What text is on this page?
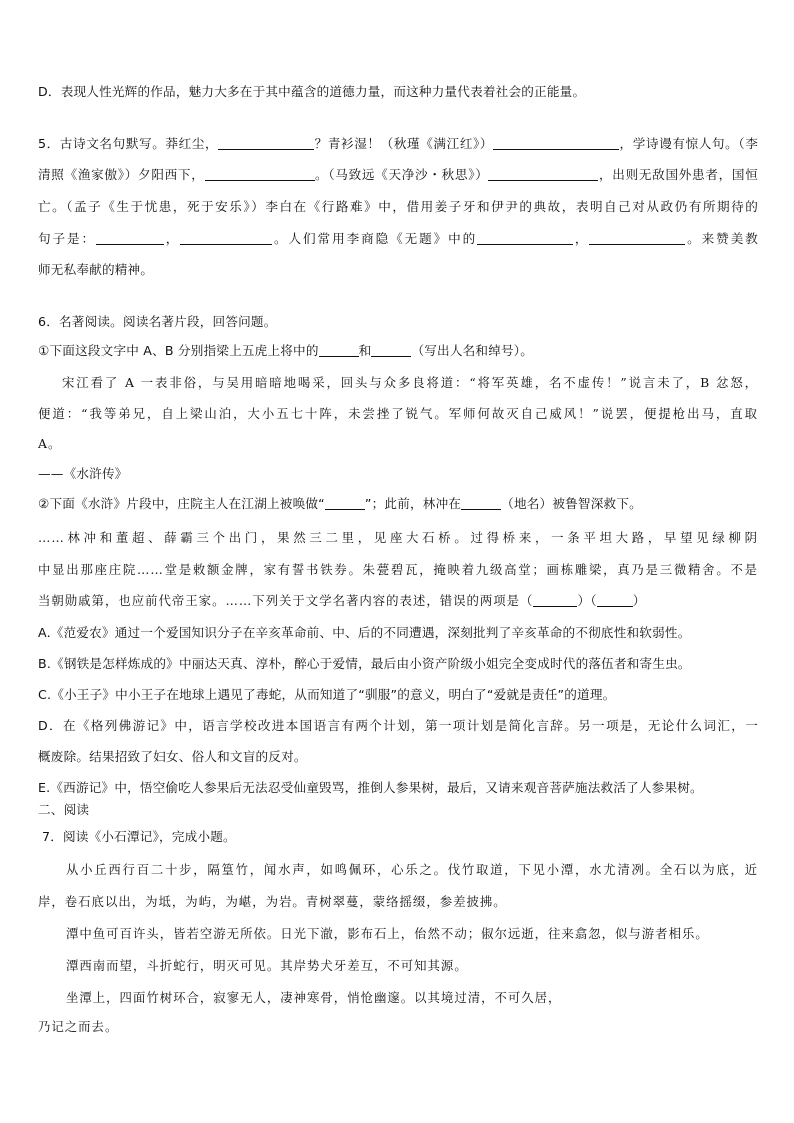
D．表现人性光辉的作品，魅力大多在于其中蕴含的道德力量，而这种力量代表着社会的正能量。
5．古诗文名句默写。莽红尘，	？青衫湿！（秋瑾《满江红》）	，学诗谩有惊人句。（李
清照《渔家傲》）夕阳西下，	。（马致远《天净沙・秋思》）	，出则无敌国外患者，国恒
亡。（孟子《生于忧患，死于安乐》）李白在《行路难》中，借用姜子牙和伊尹的典故，表明自己对从政仍有所期待的
句子是：	，	。人们常用李商隐《无题》中的	，	。来赞美教
师无私奉献的精神。
6．名著阅读。阅读名著片段，回答问题。
①下面这段文字中 A、B 分别指梁上五虎上将中的	和	（写出人名和绰号）。
宋江看了 A 一表非俗，与吴用暗暗地喝采，回头与众多良将道：“将军英雄，名不虚传！”说言未了，B 忿怒，
便道：“我等弟兄，自上梁山泊，大小五七十阵，未尝挫了锐气。军师何故灭自己威风！”说罢，便提枪出马，直取
A。
——《水浒传》
②下面《水浒》片段中，庄院主人在江湖上被唤做“	”；此前，林冲在	（地名）被鲁智深救下。
……林冲和董超、薛霸三个出门，果然三二里，见座大石桥。过得桥来，一条平坦大路，早望见绿柳阴
中显出那座庄院……堂是敕额金牌，家有誓书铁券。朱甍碧瓦，掩映着九级高堂；画栋雕梁，真乃是三微精舍。不是
当朝勋戚第，也应前代帝王家。……下列关于文学名著内容的表述，错误的两项是（	）（	）
A.《范爱农》通过一个爱国知识分子在辛亥革命前、中、后的不同遭遇，深刻批判了辛亥革命的不彻底性和软弱性。
B.《钢铁是怎样炼成的》中丽达天真、淳朴，醉心于爱情，最后由小资产阶级小姐完全变成时代的落伍者和寄生虫。
C.《小王子》中小王子在地球上遇见了毒蛇，从而知道了“驯服”的意义，明白了“爱就是责任”的道理。
D．在《格列佛游记》中，语言学校改进本国语言有两个计划，第一项计划是简化言辞。另一项是，无论什么词汇，一
概废除。结果招致了妇女、俗人和文盲的反对。
E.《西游记》中，悟空偷吃人参果后无法忍受仙童毁骂，推倒人参果树，最后，又请来观音菩萨施法救活了人参果树。
二、阅读
7．阅读《小石潭记》，完成小题。
从小丘西行百二十步，隔篁竹，闻水声，如鸣佩环，心乐之。伐竹取道，下见小潭，水尤清冽。全石以为底，近
岸，卷石底以出，为坻，为屿，为嵁，为岩。青树翠蔓，蒙络摇缀，参差披拂。
潭中鱼可百许头，皆若空游无所依。日光下澈，影布石上，佁然不动；俶尔远逝，往来翕忽，似与游者相乐。
潭西南而望，斗折蛇行，明灭可见。其岸势犬牙差互，不可知其源。
坐潭上，四面竹树环合，寂寥无人，凄神寒骨，悄怆幽邃。以其境过清，不可久居，
乃记之而去。
